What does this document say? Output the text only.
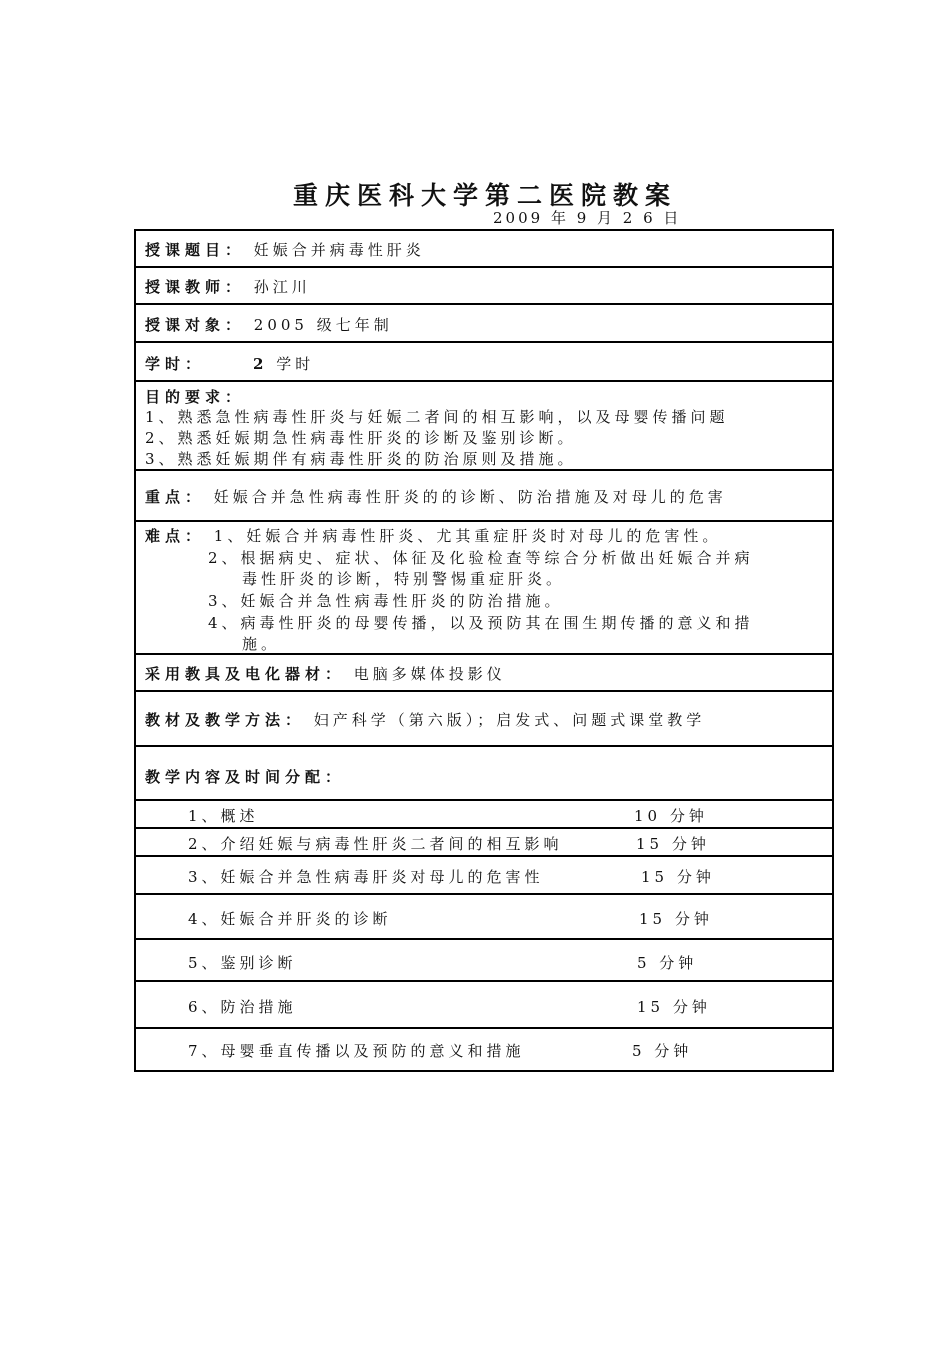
重庆医科大学第二医院教案
2009 年 9 月 2 6 日
授课题目： 妊娠合并病毒性肝炎
授课教师： 孙江川
授课对象： 2005 级七年制
学时：	2 学时
目的要求：
1、熟悉急性病毒性肝炎与妊娠二者间的相互影响，以及母婴传播问题
2、熟悉妊娠期急性病毒性肝炎的诊断及鉴别诊断。
3、熟悉妊娠期伴有病毒性肝炎的防治原则及措施。
重点： 妊娠合并急性病毒性肝炎的的诊断、防治措施及对母儿的危害
难点： 1、妊娠合并病毒性肝炎、尤其重症肝炎时对母儿的危害性。
2、根据病史、症状、体征及化验检查等综合分析做出妊娠合并病
毒性肝炎的诊断，特别警惕重症肝炎。
3、妊娠合并急性病毒性肝炎的防治措施。
4、病毒性肝炎的母婴传播，以及预防其在围生期传播的意义和措
施。
采用教具及电化器材： 电脑多媒体投影仪
教材及教学方法： 妇产科学（第六版）；启发式、问题式课堂教学
教学内容及时间分配：
1、概述	10 分钟
2、介绍妊娠与病毒性肝炎二者间的相互影响	15 分钟
3、妊娠合并急性病毒肝炎对母儿的危害性	15 分钟
4、妊娠合并肝炎的诊断	15 分钟
5、鉴别诊断	5 分钟
6、防治措施	15 分钟
7、母婴垂直传播以及预防的意义和措施	5 分钟
